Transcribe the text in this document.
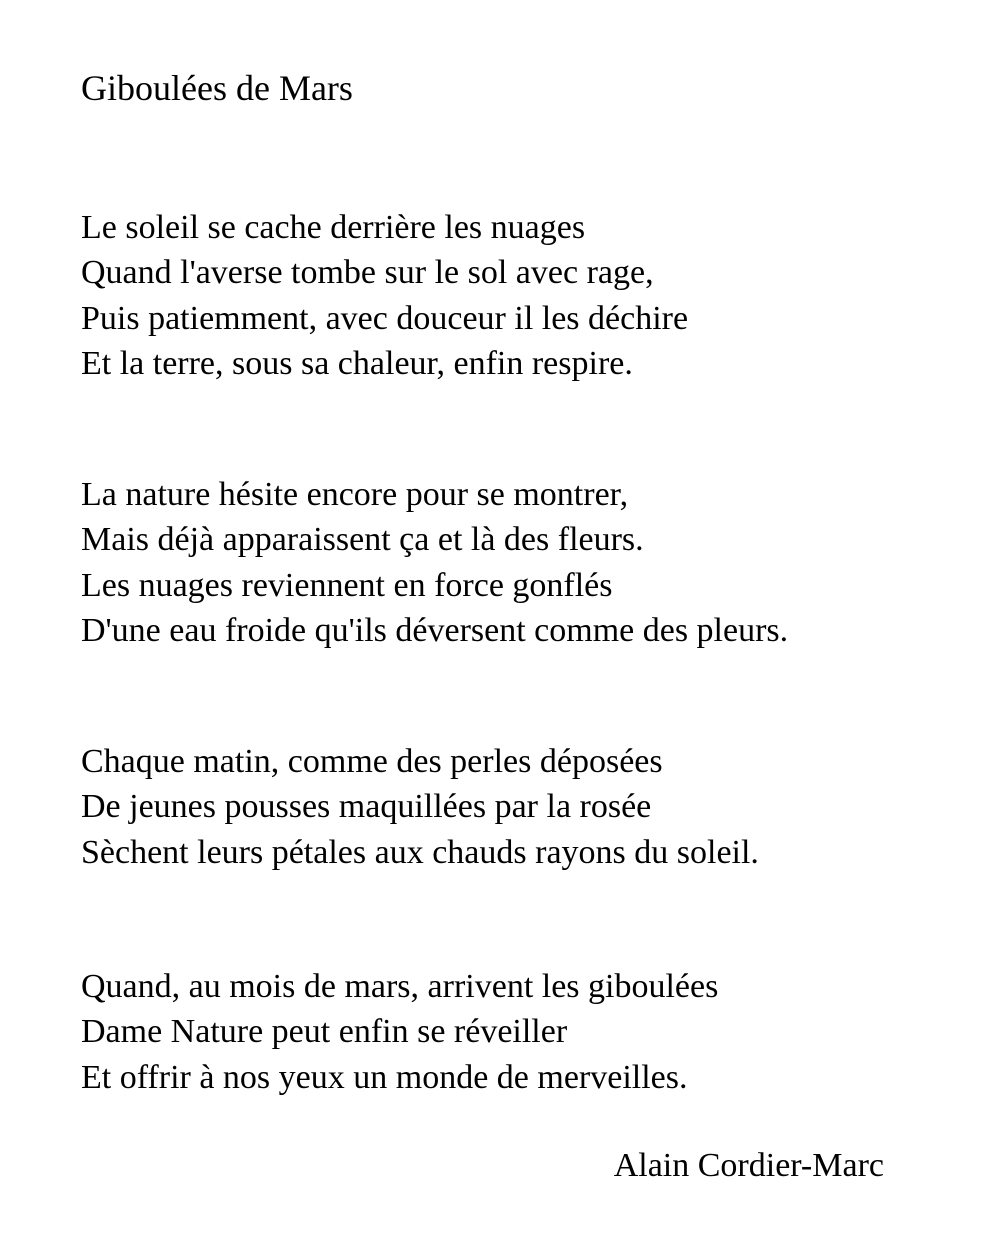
Giboulées de Mars
Le soleil se cache derrière les nuages
Quand l'averse tombe sur le sol avec rage,
Puis patiemment, avec douceur il les déchire
Et la terre, sous sa chaleur, enfin respire.
La nature hésite encore pour se montrer,
Mais déjà apparaissent ça et là des fleurs.
Les nuages reviennent en force gonflés
D'une eau froide qu'ils déversent comme des pleurs.
Chaque matin, comme des perles déposées
De jeunes pousses maquillées par la rosée
Sèchent leurs pétales aux chauds rayons du soleil.
Quand, au mois de mars, arrivent les giboulées
Dame Nature peut enfin se réveiller
Et offrir à nos yeux un monde de merveilles.
Alain Cordier-Marc
